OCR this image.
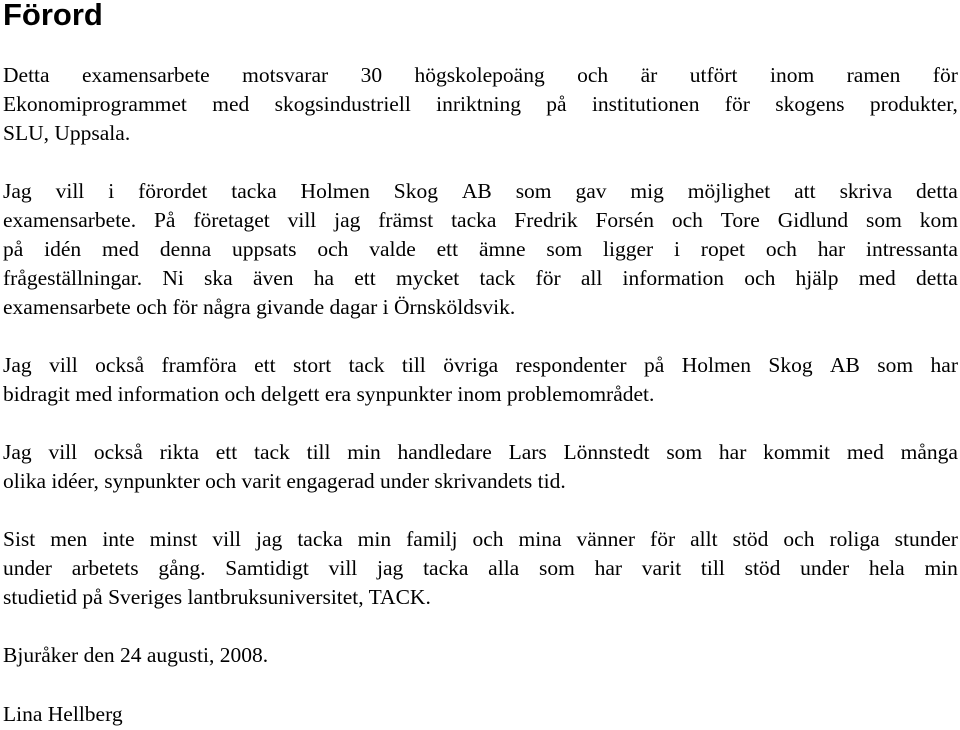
Förord
Detta examensarbete motsvarar 30 högskolepoäng och är utfört inom ramen för
Ekonomiprogrammet med skogsindustriell inriktning på institutionen för skogens produkter,
SLU, Uppsala.
Jag vill i förordet tacka Holmen Skog AB som gav mig möjlighet att skriva detta
examensarbete. På företaget vill jag främst tacka Fredrik Forsén och Tore Gidlund som kom
på idén med denna uppsats och valde ett ämne som ligger i ropet och har intressanta
frågeställningar. Ni ska även ha ett mycket tack för all information och hjälp med detta
examensarbete och för några givande dagar i Örnsköldsvik.
Jag vill också framföra ett stort tack till övriga respondenter på Holmen Skog AB som har
bidragit med information och delgett era synpunkter inom problemområdet.
Jag vill också rikta ett tack till min handledare Lars Lönnstedt som har kommit med många
olika idéer, synpunkter och varit engagerad under skrivandets tid.
Sist men inte minst vill jag tacka min familj och mina vänner för allt stöd och roliga stunder
under arbetets gång. Samtidigt vill jag tacka alla som har varit till stöd under hela min
studietid på Sveriges lantbruksuniversitet, TACK.

Bjuråker den 24 augusti, 2008.

Lina Hellberg
